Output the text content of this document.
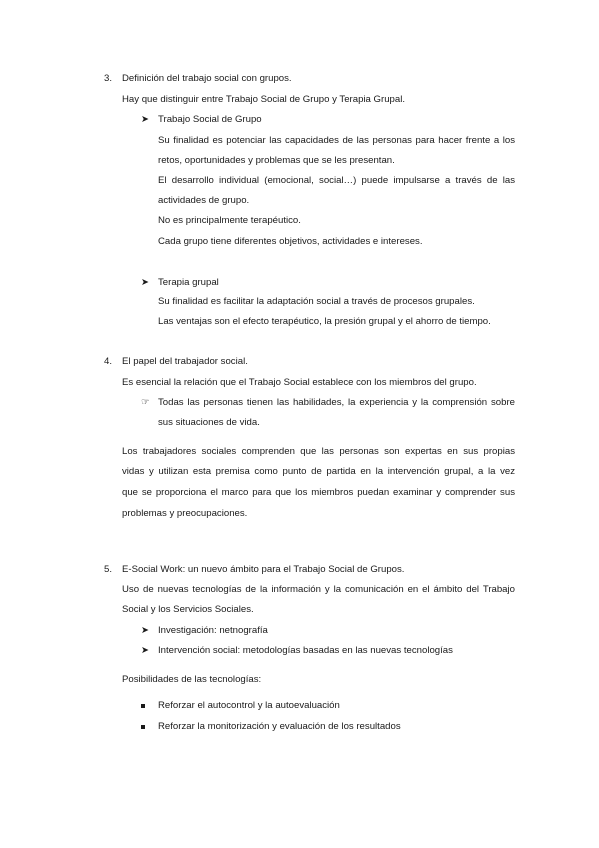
3.	Definición del trabajo social con grupos.
Hay que distinguir entre Trabajo Social de Grupo y Terapia Grupal.
➤ Trabajo Social de Grupo
Su finalidad es potenciar las capacidades de las personas para hacer frente a los
retos, oportunidades y problemas que se les presentan.
El desarrollo individual (emocional, social…) puede impulsarse a través de las
actividades de grupo.
No es principalmente terapéutico.
Cada grupo tiene diferentes objetivos, actividades e intereses.
➤ Terapia grupal
Su finalidad es facilitar la adaptación social a través de procesos grupales.
Las ventajas son el efecto terapéutico, la presión grupal y el ahorro de tiempo.
4.	El papel del trabajador social.
Es esencial la relación que el Trabajo Social establece con los miembros del grupo.
☞ Todas las personas tienen las habilidades, la experiencia y la comprensión sobre
sus situaciones de vida.
Los trabajadores sociales comprenden que las personas son expertas en sus propias
vidas y utilizan esta premisa como punto de partida en la intervención grupal, a la vez
que se proporciona el marco para que los miembros puedan examinar y comprender sus
problemas y preocupaciones.
5.	E-Social Work: un nuevo ámbito para el Trabajo Social de Grupos.
Uso de nuevas tecnologías de la información y la comunicación en el ámbito del Trabajo
Social y los Servicios Sociales.
➤ Investigación: netnografía
➤ Intervención social: metodologías basadas en las nuevas tecnologías
Posibilidades de las tecnologías:
Reforzar el autocontrol y la autoevaluación
Reforzar la monitorización y evaluación de los resultados
